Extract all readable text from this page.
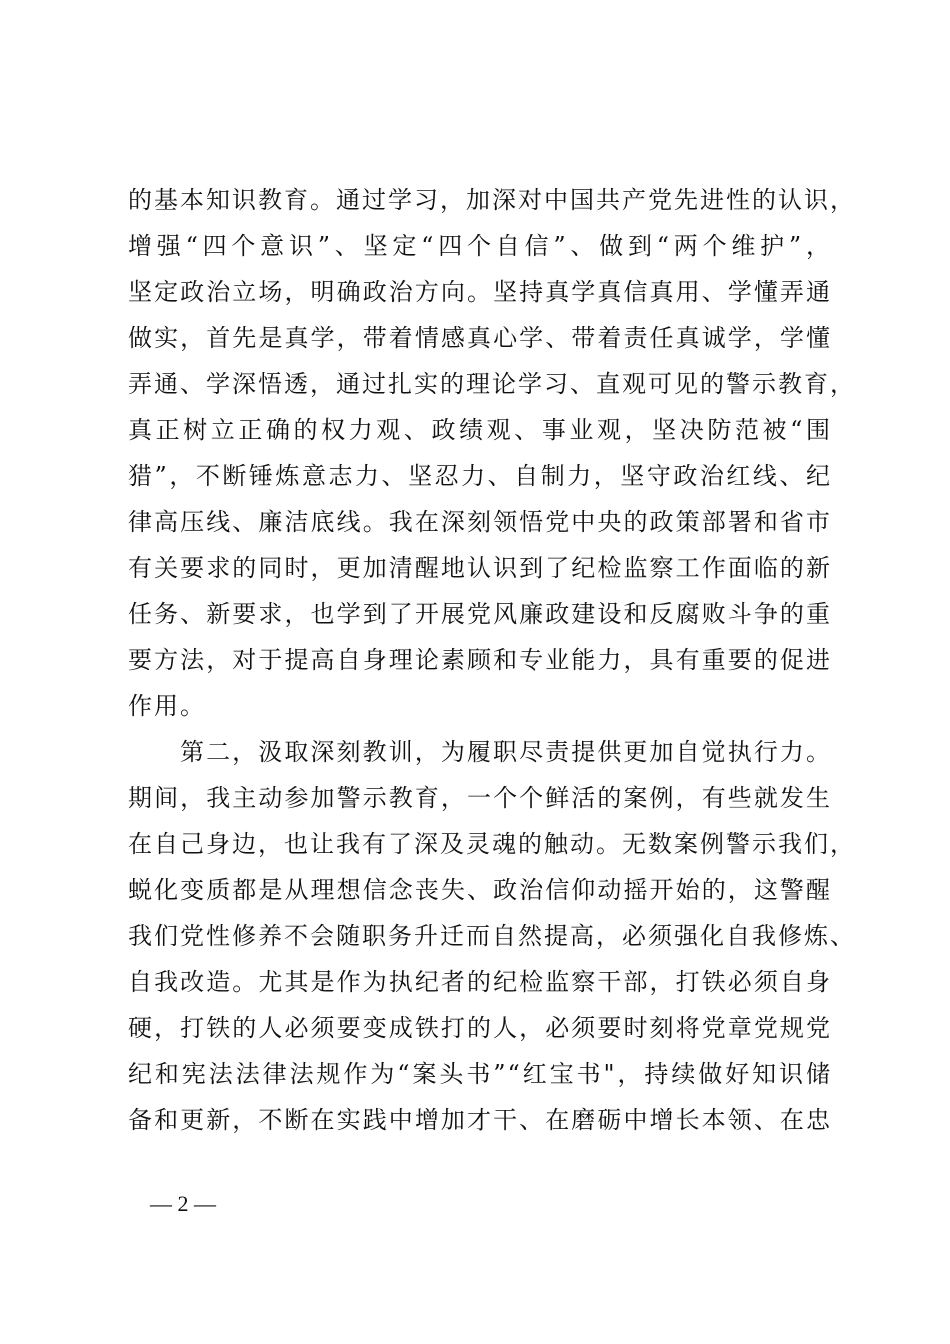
的基本知识教育。通过学习，加深对中国共产党先进性的认识，
增强“四个意识”、坚定“四个自信”、做到“两个维护”，
坚定政治立场，明确政治方向。坚持真学真信真用、学懂弄通
做实，首先是真学，带着情感真心学、带着责任真诚学，学懂
弄通、学深悟透，通过扎实的理论学习、直观可见的警示教育，
真正树立正确的权力观、政绩观、事业观，坚决防范被“围
猎”，不断锤炼意志力、坚忍力、自制力，坚守政治红线、纪
律高压线、廉洁底线。我在深刻领悟党中央的政策部署和省市
有关要求的同时，更加清醒地认识到了纪检监察工作面临的新
任务、新要求，也学到了开展党风廉政建设和反腐败斗争的重
要方法，对于提高自身理论素顾和专业能力，具有重要的促进
作用。
第二，汲取深刻教训，为履职尽责提供更加自觉执行力。
期间，我主动参加警示教育，一个个鲜活的案例，有些就发生
在自己身边，也让我有了深及灵魂的触动。无数案例警示我们，
蜕化变质都是从理想信念丧失、政治信仰动摇开始的，这警醒
我们党性修养不会随职务升迁而自然提高，必须强化自我修炼、
自我改造。尤其是作为执纪者的纪检监察干部，打铁必须自身
硬，打铁的人必须要变成铁打的人，必须要时刻将党章党规党
纪和宪法法律法规作为“案头书”“红宝书"，持续做好知识储
备和更新，不断在实践中增加才干、在磨砺中增长本领、在忠
— 2 —
